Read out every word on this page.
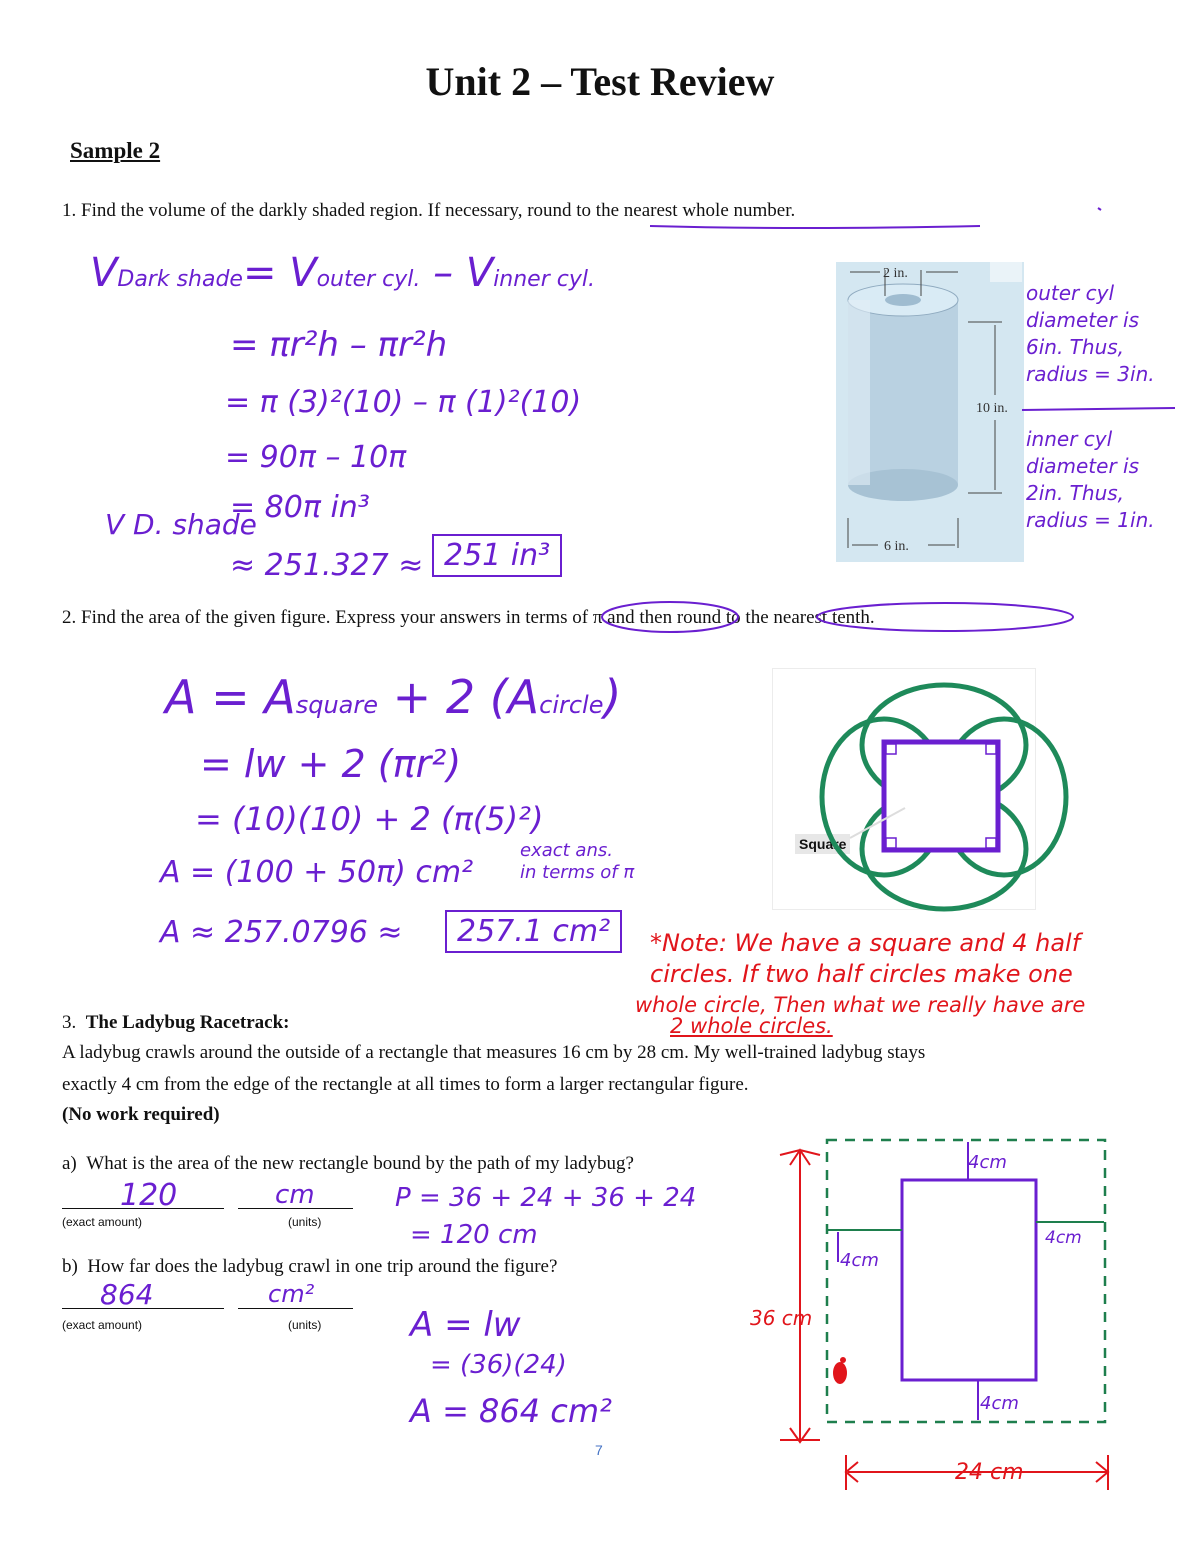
Unit 2 – Test Review
Sample 2
1. Find the volume of the darkly shaded region. If necessary, round to the nearest whole number.
VDark shade= Vouter cyl. – Vinner cyl.
= πr²h – πr²h
= π (3)²(10) – π (1)²(10)
= 90π – 10π
V D. shade
= 80π in³
≈ 251.327 ≈ 251 in³
outer cyl
diameter is
6in. Thus,
radius = 3in.
inner cyl
diameter is
2in. Thus,
radius = 1in.
2. Find the area of the given figure. Express your answers in terms of π and then round to the nearest tenth.
A = Asquare + 2 (Acircle)
= lw + 2 (πr²)
= (10)(10) + 2 (π(5)²)
A = (100 + 50π) cm²
exact ans.
in terms of π
A ≈ 257.0796 ≈	257.1 cm²
Square
*Note: We have a square and 4 half
circles. If two half circles make one
whole circle, Then what we really have are
2 whole circles.
3. The Ladybug Racetrack:
A ladybug crawls around the outside of a rectangle that measures 16 cm by 28 cm. My well-trained ladybug stays
exactly 4 cm from the edge of the rectangle at all times to form a larger rectangular figure.
(No work required)
a) What is the area of the new rectangle bound by the path of my ladybug?
120	cm
(exact amount)	(units)
b) How far does the ladybug crawl in one trip around the figure?
864	cm²
(exact amount)	(units)
P = 36 + 24 + 36 + 24
= 120 cm
A = lw
= (36)(24)
A = 864 cm²
4cm
4cm
4cm
36 cm
4cm
24 cm
7
2 in.
10 in.
6 in.
